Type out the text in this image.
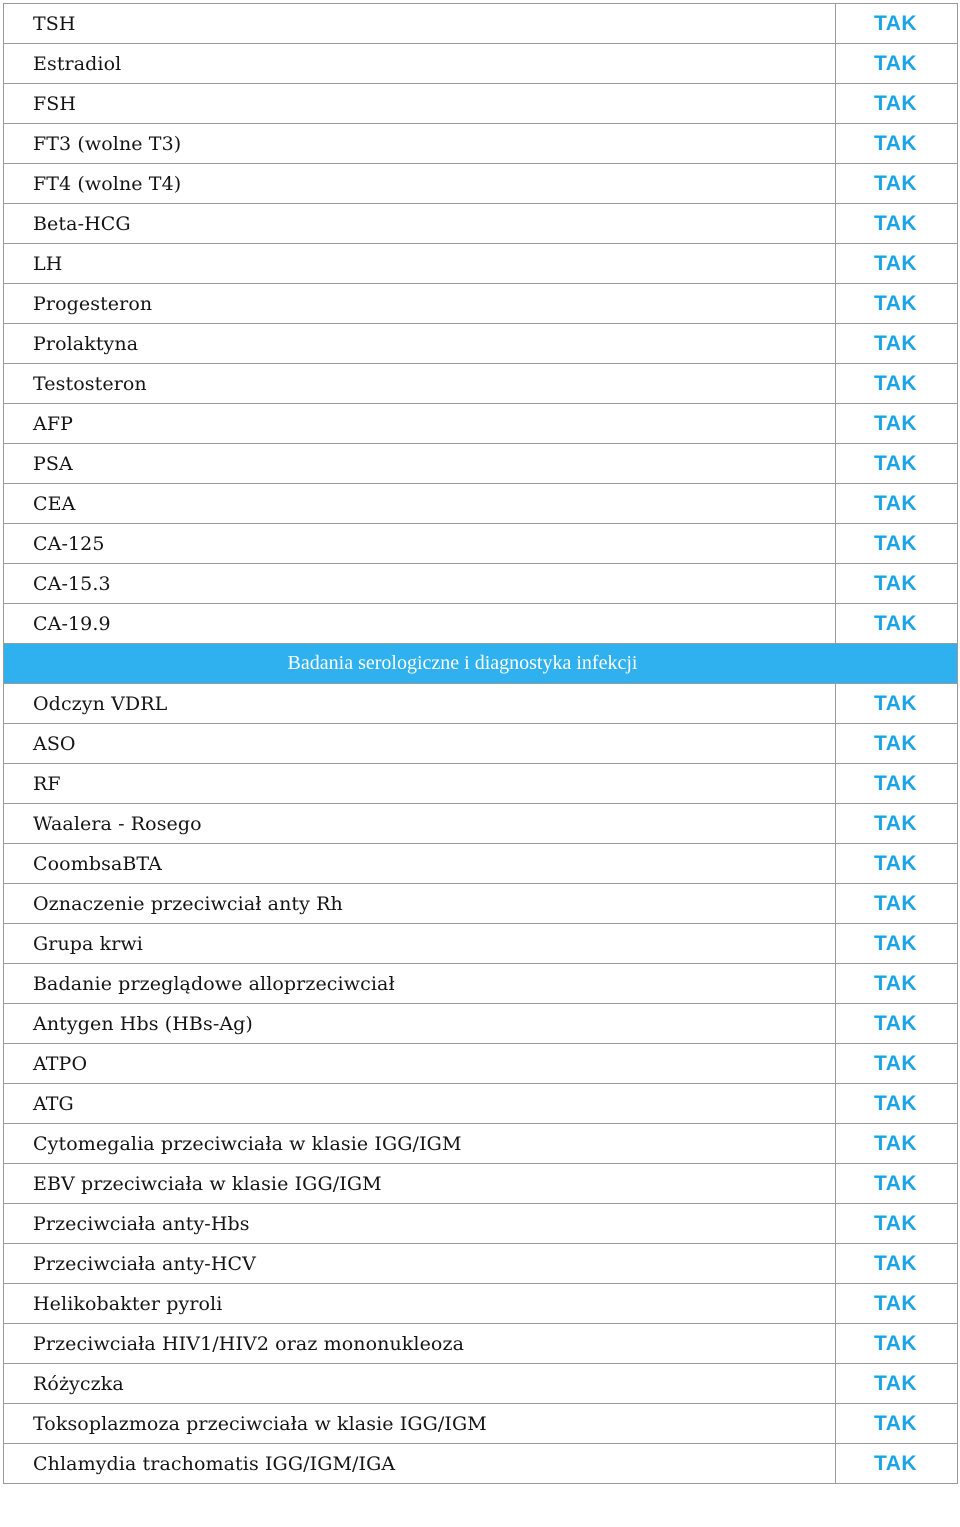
TSH	TAK
Estradiol	TAK
FSH	TAK
FT3 (wolne T3)	TAK
FT4 (wolne T4)	TAK
Beta-HCG	TAK
LH	TAK
Progesteron	TAK
Prolaktyna	TAK
Testosteron	TAK
AFP	TAK
PSA	TAK
CEA	TAK
CA-125	TAK
CA-15.3	TAK
CA-19.9	TAK
Badania serologiczne i diagnostyka infekcji	
Odczyn VDRL	TAK
ASO	TAK
RF	TAK
Waalera - Rosego	TAK
CoombsaBTA	TAK
Oznaczenie przeciwciał anty Rh	TAK
Grupa krwi	TAK
Badanie przeglądowe alloprzeciwciał	TAK
Antygen Hbs (HBs-Ag)	TAK
ATPO	TAK
ATG	TAK
Cytomegalia przeciwciała w klasie IGG/IGM	TAK
EBV przeciwciała w klasie IGG/IGM	TAK
Przeciwciała anty-Hbs	TAK
Przeciwciała anty-HCV	TAK
Helikobakter pyroli	TAK
Przeciwciała HIV1/HIV2 oraz mononukleoza	TAK
Różyczka	TAK
Toksoplazmoza przeciwciała w klasie IGG/IGM	TAK
Chlamydia trachomatis IGG/IGM/IGA	TAK
